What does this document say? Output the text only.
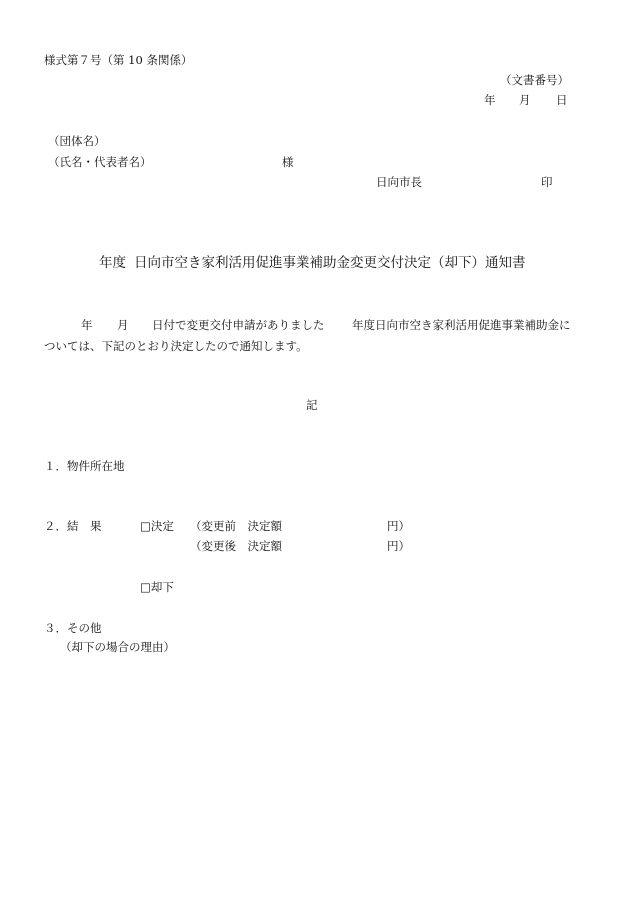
様式第７号（第 10 条関係）
（文書番号）
年 月 日
（団体名）
（氏名・代表者名）	様
日向市長	印
年度 日向市空き家利活用促進事業補助金変更交付決定（却下）通知書
年 月 日付で変更交付申請がありました 年度日向市空き家利活用促進事業補助金に
ついては、下記のとおり決定したので通知します。
記
１．物件所在地
２．結　果	□決定 （変更前　決定額	円）
（変更後　決定額	円）
□却下
３．その他
（却下の場合の理由）
